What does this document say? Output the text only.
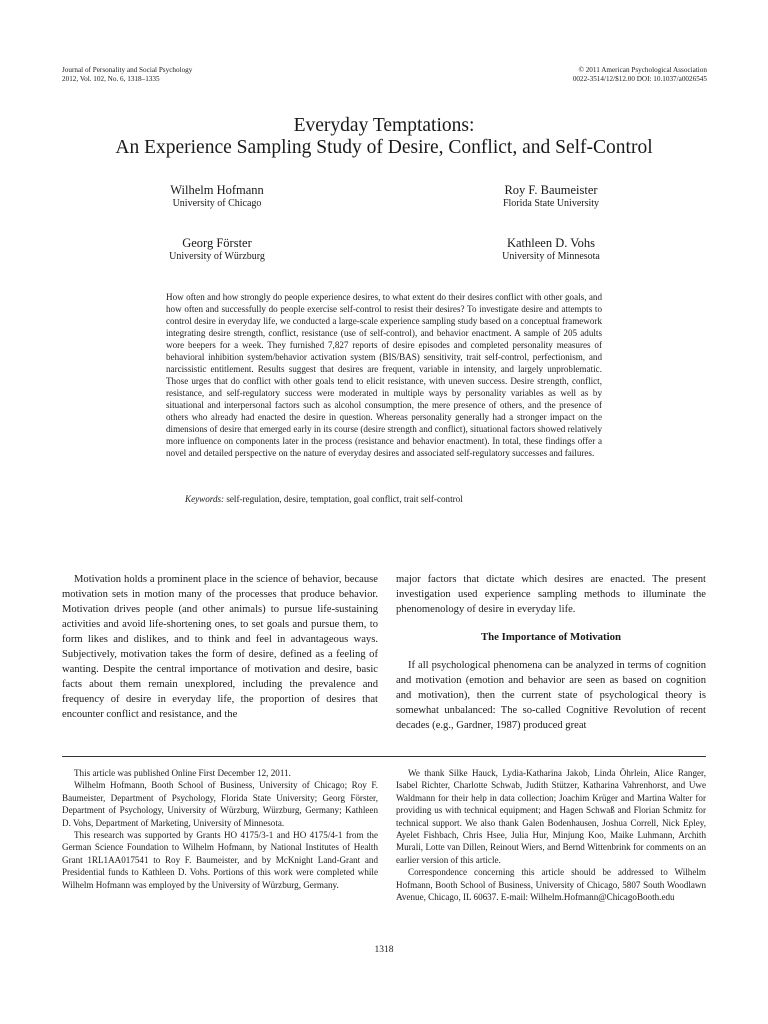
Journal of Personality and Social Psychology
2012, Vol. 102, No. 6, 1318–1335
© 2011 American Psychological Association
0022-3514/12/$12.00 DOI: 10.1037/a0026545
Everyday Temptations:
An Experience Sampling Study of Desire, Conflict, and Self-Control
Wilhelm Hofmann
University of Chicago
Roy F. Baumeister
Florida State University
Georg Förster
University of Würzburg
Kathleen D. Vohs
University of Minnesota
How often and how strongly do people experience desires, to what extent do their desires conflict with other goals, and how often and successfully do people exercise self-control to resist their desires? To investigate desire and attempts to control desire in everyday life, we conducted a large-scale experience sampling study based on a conceptual framework integrating desire strength, conflict, resistance (use of self-control), and behavior enactment. A sample of 205 adults wore beepers for a week. They furnished 7,827 reports of desire episodes and completed personality measures of behavioral inhibition system/behavior activation system (BIS/BAS) sensitivity, trait self-control, perfectionism, and narcissistic entitlement. Results suggest that desires are frequent, variable in intensity, and largely unproblematic. Those urges that do conflict with other goals tend to elicit resistance, with uneven success. Desire strength, conflict, resistance, and self-regulatory success were moderated in multiple ways by personality variables as well as by situational and interpersonal factors such as alcohol consumption, the mere presence of others, and the presence of others who already had enacted the desire in question. Whereas personality generally had a stronger impact on the dimensions of desire that emerged early in its course (desire strength and conflict), situational factors showed relatively more influence on components later in the process (resistance and behavior enactment). In total, these findings offer a novel and detailed perspective on the nature of everyday desires and associated self-regulatory successes and failures.
Keywords: self-regulation, desire, temptation, goal conflict, trait self-control

Motivation holds a prominent place in the science of behavior, because motivation sets in motion many of the processes that produce behavior. Motivation drives people (and other animals) to pursue life-sustaining activities and avoid life-shortening ones, to set goals and pursue them, to form likes and dislikes, and to think and feel in advantageous ways. Subjectively, motivation takes the form of desire, defined as a feeling of wanting. Despite the central importance of motivation and desire, basic facts about them remain unexplored, including the prevalence and frequency of desire in everyday life, the proportion of desires that encounter conflict and resistance, and the

major factors that dictate which desires are enacted. The present investigation used experience sampling methods to illuminate the phenomenology of desire in everyday life.

The Importance of Motivation

If all psychological phenomena can be analyzed in terms of cognition and motivation (emotion and behavior are seen as based on cognition and motivation), then the current state of psychological theory is somewhat unbalanced: The so-called Cognitive Revolution of recent decades (e.g., Gardner, 1987) produced great

This article was published Online First December 12, 2011.

Wilhelm Hofmann, Booth School of Business, University of Chicago; Roy F. Baumeister, Department of Psychology, Florida State University; Georg Förster, Department of Psychology, University of Würzburg, Würzburg, Germany; Kathleen D. Vohs, Department of Marketing, University of Minnesota.

This research was supported by Grants HO 4175/3-1 and HO 4175/4-1 from the German Science Foundation to Wilhelm Hofmann, by National Institutes of Health Grant 1RL1AA017541 to Roy F. Baumeister, and by McKnight Land-Grant and Presidential funds to Kathleen D. Vohs. Portions of this work were completed while Wilhelm Hofmann was employed by the University of Würzburg, Germany.

We thank Silke Hauck, Lydia-Katharina Jakob, Linda Öhrlein, Alice Ranger, Isabel Richter, Charlotte Schwab, Judith Stützer, Katharina Vahrenhorst, and Uwe Waldmann for their help in data collection; Joachim Krüger and Martina Walter for providing us with technical equipment; and Hagen Schwaß and Florian Schmitz for technical support. We also thank Galen Bodenhausen, Joshua Correll, Nick Epley, Ayelet Fishbach, Chris Hsee, Julia Hur, Minjung Koo, Maike Luhmann, Archith Murali, Lotte van Dillen, Reinout Wiers, and Bernd Wittenbrink for comments on an earlier version of this article.

Correspondence concerning this article should be addressed to Wilhelm Hofmann, Booth School of Business, University of Chicago, 5807 South Woodlawn Avenue, Chicago, IL 60637. E-mail: Wilhelm.Hofmann@ChicagoBooth.edu

1318
